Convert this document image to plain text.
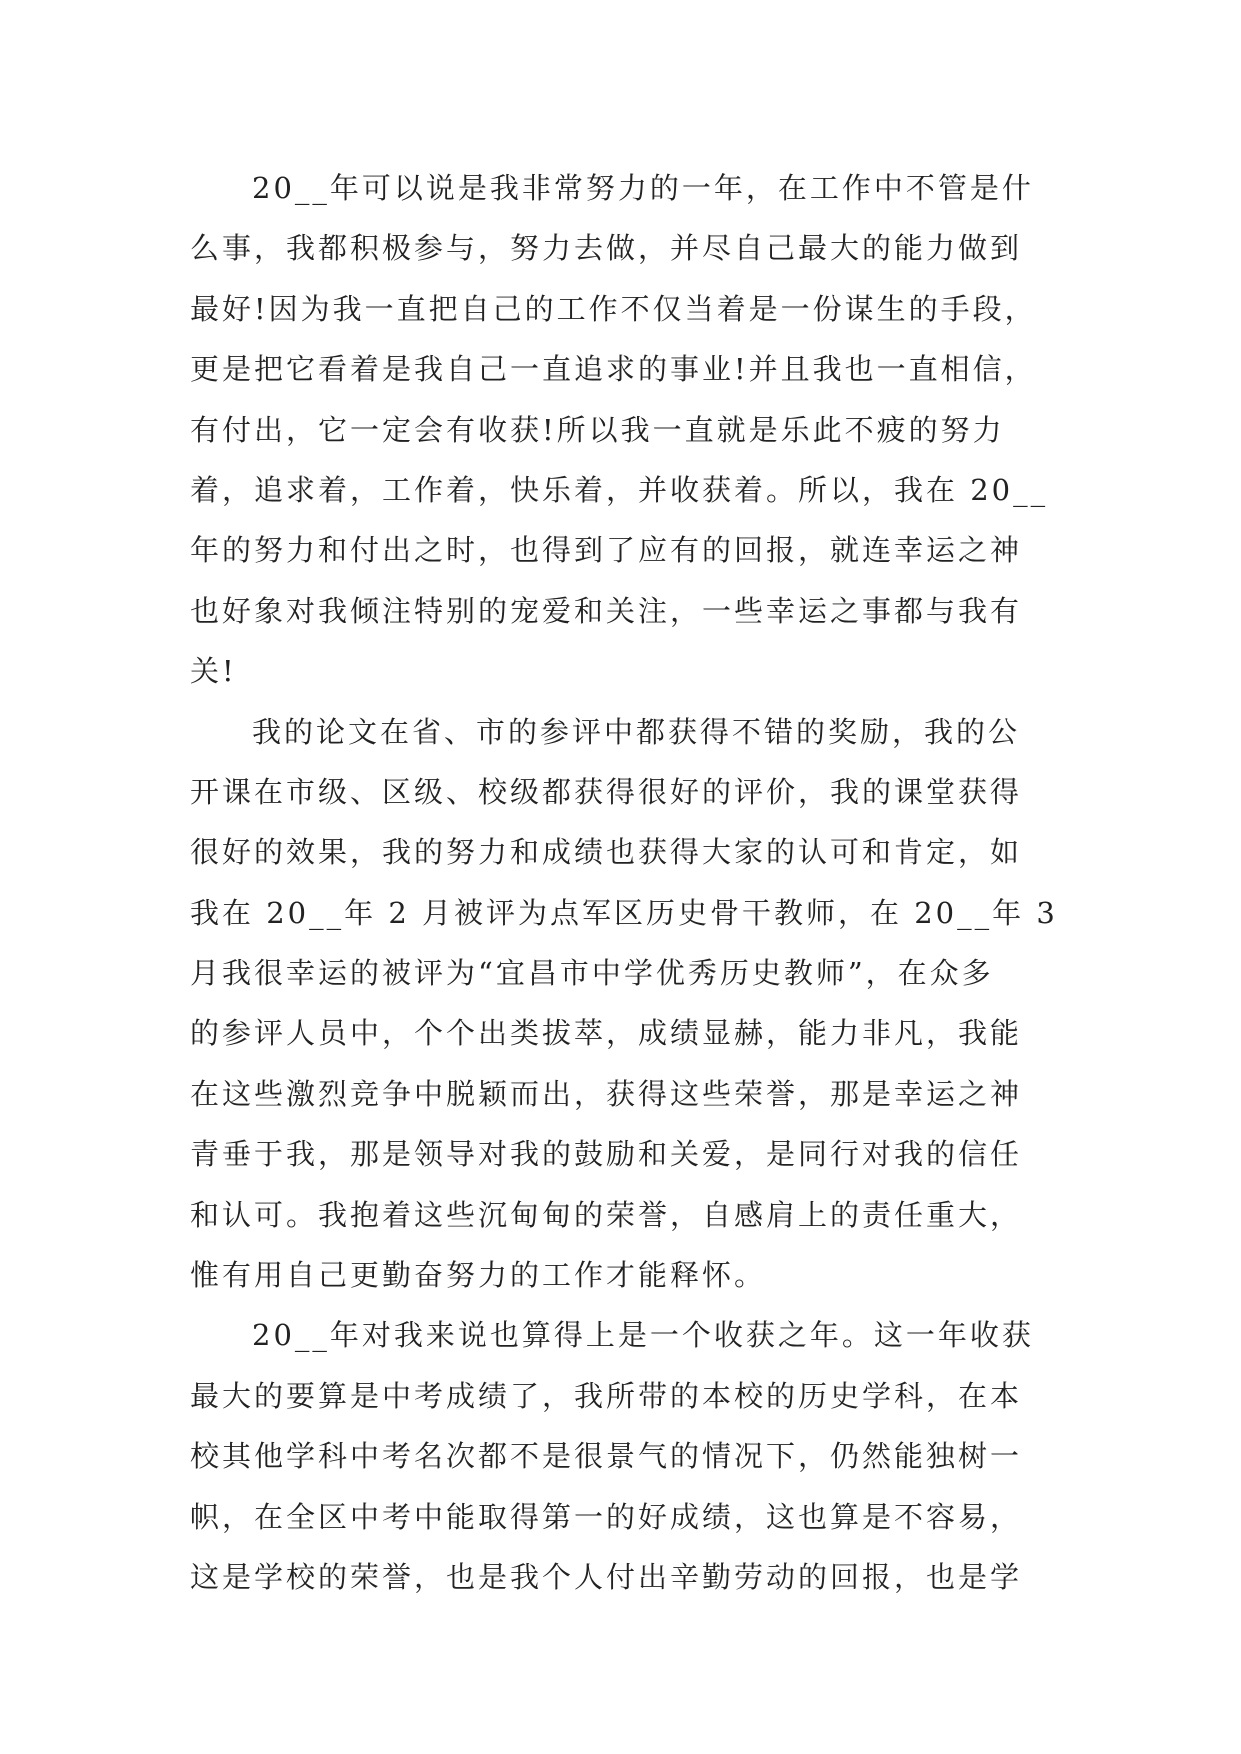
20__年可以说是我非常努力的一年，在工作中不管是什
么事，我都积极参与，努力去做，并尽自己最大的能力做到
最好!因为我一直把自己的工作不仅当着是一份谋生的手段，
更是把它看着是我自己一直追求的事业!并且我也一直相信，
有付出，它一定会有收获!所以我一直就是乐此不疲的努力
着，追求着，工作着，快乐着，并收获着。所以，我在 20__
年的努力和付出之时，也得到了应有的回报，就连幸运之神
也好象对我倾注特别的宠爱和关注，一些幸运之事都与我有
关!
我的论文在省、市的参评中都获得不错的奖励，我的公
开课在市级、区级、校级都获得很好的评价，我的课堂获得
很好的效果，我的努力和成绩也获得大家的认可和肯定，如
我在 20__年 2 月被评为点军区历史骨干教师，在 20__年 3
月我很幸运的被评为“宜昌市中学优秀历史教师”，在众多
的参评人员中，个个出类拔萃，成绩显赫，能力非凡，我能
在这些激烈竞争中脱颖而出，获得这些荣誉，那是幸运之神
青垂于我，那是领导对我的鼓励和关爱，是同行对我的信任
和认可。我抱着这些沉甸甸的荣誉，自感肩上的责任重大，
惟有用自己更勤奋努力的工作才能释怀。
20__年对我来说也算得上是一个收获之年。这一年收获
最大的要算是中考成绩了，我所带的本校的历史学科，在本
校其他学科中考名次都不是很景气的情况下，仍然能独树一
帜，在全区中考中能取得第一的好成绩，这也算是不容易，
这是学校的荣誉，也是我个人付出辛勤劳动的回报，也是学
